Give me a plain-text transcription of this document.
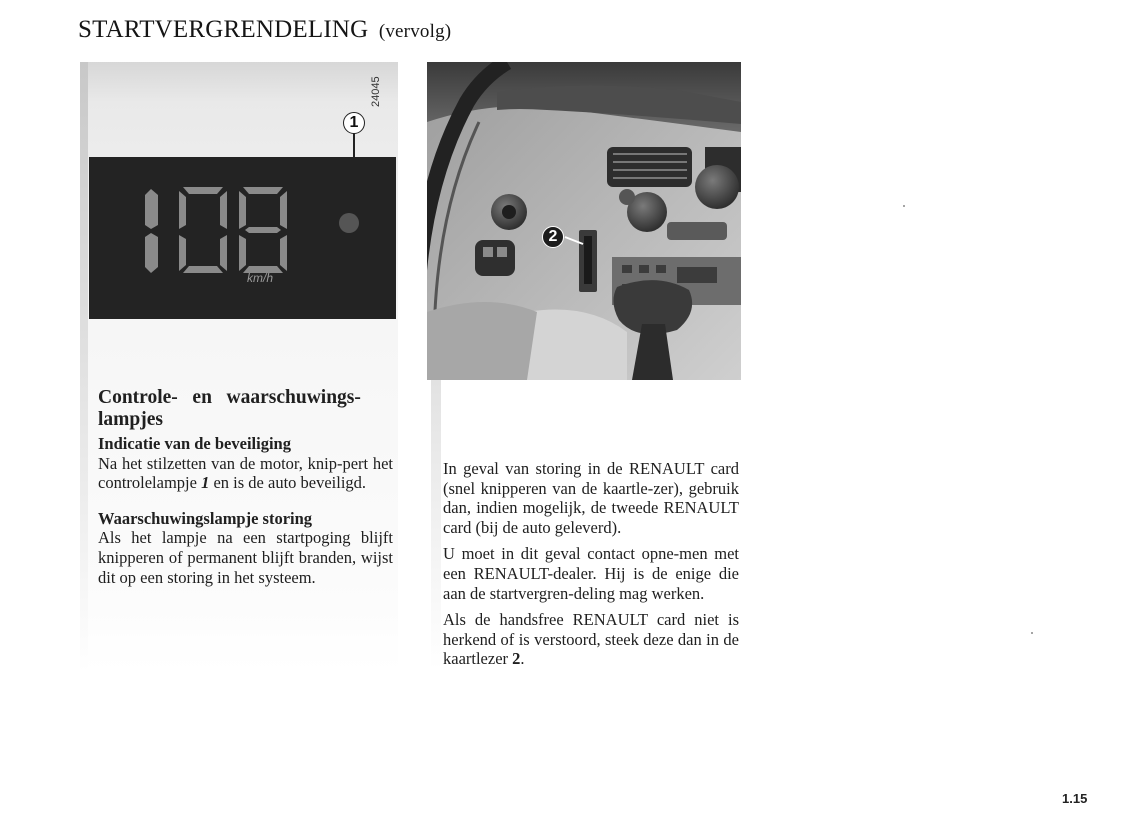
STARTVERGRENDELING (vervolg)
24045
1
km/h
2
Controle-   en   waarschuwings-
lampjes
Indicatie van de beveiliging

Na het stilzetten van de motor, knip-pert het controlelampje 1 en is de auto beveiligd.

Waarschuwingslampje storing

Als het lampje na een startpoging blijft knipperen of permanent blijft branden, wijst dit op een storing in het systeem.

In geval van storing in de RENAULT card (snel knipperen van de kaartle-zer), gebruik dan, indien mogelijk, de tweede RENAULT card (bij de auto geleverd).

U moet in dit geval contact opne-men met een RENAULT-dealer. Hij is de enige die aan de startvergren-deling mag werken.

Als de handsfree RENAULT card niet is herkend of is verstoord, steek deze dan in de kaartlezer 2.

1.15
